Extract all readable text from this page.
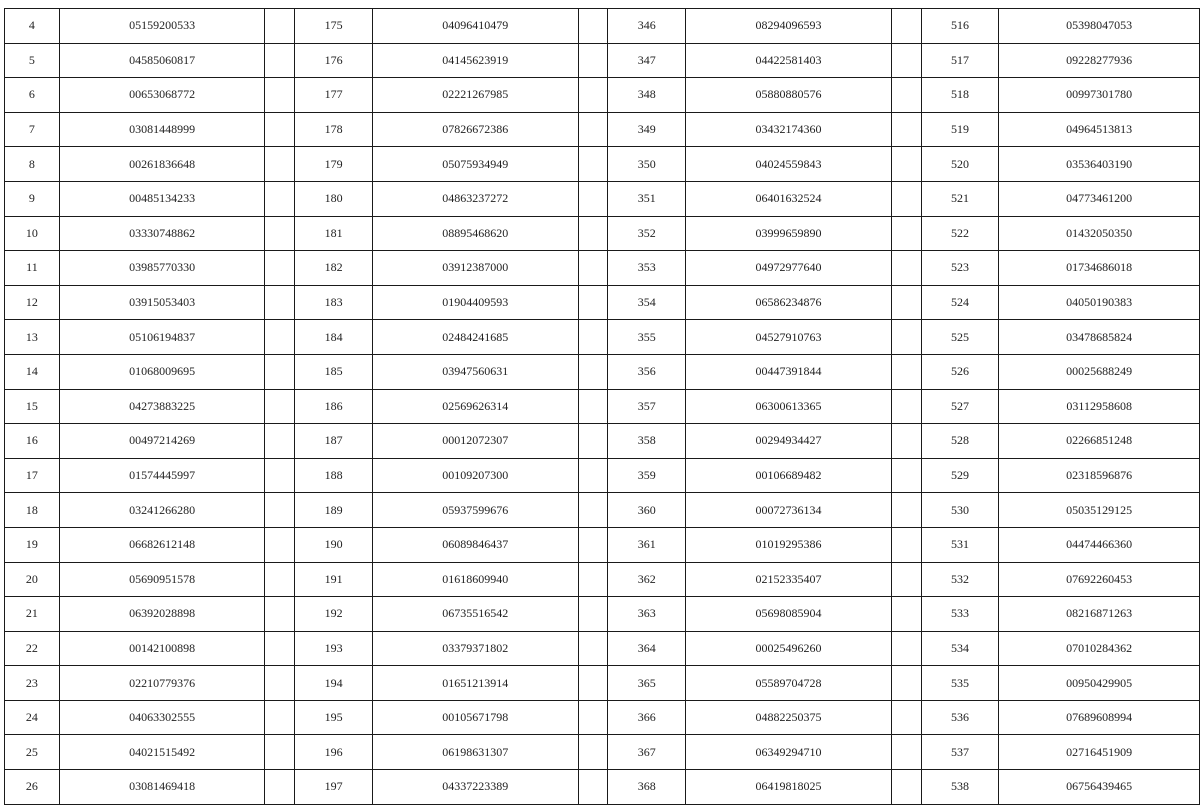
4	05159200533		175	04096410479		346	08294096593		516	05398047053
5	04585060817		176	04145623919		347	04422581403		517	09228277936
6	00653068772		177	02221267985		348	05880880576		518	00997301780
7	03081448999		178	07826672386		349	03432174360		519	04964513813
8	00261836648		179	05075934949		350	04024559843		520	03536403190
9	00485134233		180	04863237272		351	06401632524		521	04773461200
10	03330748862		181	08895468620		352	03999659890		522	01432050350
11	03985770330		182	03912387000		353	04972977640		523	01734686018
12	03915053403		183	01904409593		354	06586234876		524	04050190383
13	05106194837		184	02484241685		355	04527910763		525	03478685824
14	01068009695		185	03947560631		356	00447391844		526	00025688249
15	04273883225		186	02569626314		357	06300613365		527	03112958608
16	00497214269		187	00012072307		358	00294934427		528	02266851248
17	01574445997		188	00109207300		359	00106689482		529	02318596876
18	03241266280		189	05937599676		360	00072736134		530	05035129125
19	06682612148		190	06089846437		361	01019295386		531	04474466360
20	05690951578		191	01618609940		362	02152335407		532	07692260453
21	06392028898		192	06735516542		363	05698085904		533	08216871263
22	00142100898		193	03379371802		364	00025496260		534	07010284362
23	02210779376		194	01651213914		365	05589704728		535	00950429905
24	04063302555		195	00105671798		366	04882250375		536	07689608994
25	04021515492		196	06198631307		367	06349294710		537	02716451909
26	03081469418		197	04337223389		368	06419818025		538	06756439465
